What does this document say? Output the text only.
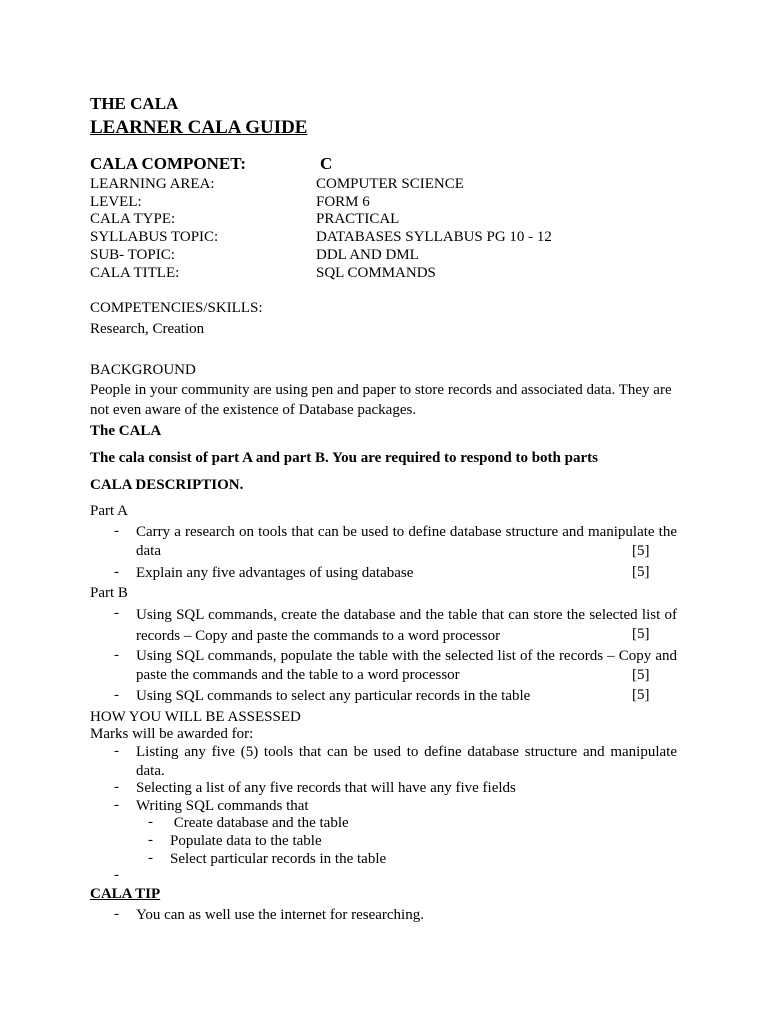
THE CALA
LEARNER CALA GUIDE
CALA COMPONET:	C
LEARNING AREA:	COMPUTER SCIENCE
LEVEL:	FORM 6
CALA TYPE:	PRACTICAL
SYLLABUS TOPIC:	DATABASES SYLLABUS PG 10 - 12
SUB- TOPIC:	DDL AND DML
CALA TITLE:	SQL COMMANDS
COMPETENCIES/SKILLS:
Research, Creation
BACKGROUND
People in your community are using pen and paper to store records and associated data. They are not even aware of the existence of Database packages.
The CALA
The cala consist of part A and part B. You are required to respond to both parts
CALA DESCRIPTION.
Part A
- Carry a research on tools that can be used to define database structure and manipulate the data	[5]
- Explain any five advantages of using database	[5]
Part B
- Using SQL commands, create the database and the table that can store the selected list of records – Copy and paste the commands to a word processor	[5]
- Using SQL commands, populate the table with the selected list of the records – Copy and paste the commands and the table to a word processor	[5]
- Using SQL commands to select any particular records in the table	[5]
HOW YOU WILL BE ASSESSED
Marks will be awarded for:
- Listing any five (5) tools that can be used to define database structure and manipulate data.
- Selecting a list of any five records that will have any five fields
- Writing SQL commands that
- Create database and the table
- Populate data to the table
- Select particular records in the table
-
CALA TIP
- You can as well use the internet for researching.
